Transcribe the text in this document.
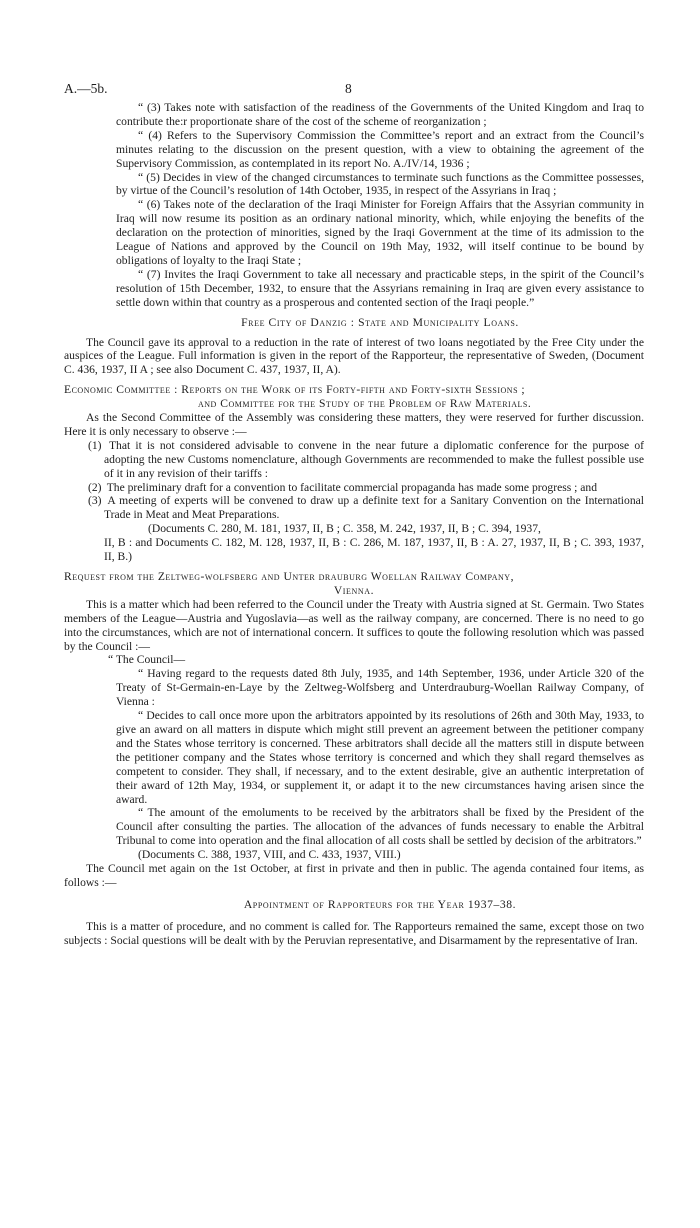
A.—5b.	8

“ (3) Takes note with satisfaction of the readiness of the Governments of the United Kingdom and Iraq to contribute the:r proportionate share of the cost of the scheme of reorganization ;

“ (4) Refers to the Supervisory Commission the Committee’s report and an extract from the Council’s minutes relating to the discussion on the present question, with a view to obtaining the agreement of the Supervisory Commission, as contemplated in its report No. A./IV/14, 1936 ;

“ (5) Decides in view of the changed circumstances to terminate such functions as the Committee possesses, by virtue of the Council’s resolution of 14th October, 1935, in respect of the Assyrians in Iraq ;

“ (6) Takes note of the declaration of the Iraqi Minister for Foreign Affairs that the Assyrian community in Iraq will now resume its position as an ordinary national minority, which, while enjoying the benefits of the declaration on the protection of minorities, signed by the Iraqi Government at the time of its admission to the League of Nations and approved by the Council on 19th May, 1932, will itself continue to be bound by obligations of loyalty to the Iraqi State ;

“ (7) Invites the Iraqi Government to take all necessary and practicable steps, in the spirit of the Council’s resolution of 15th December, 1932, to ensure that the Assyrians remaining in Iraq are given every assistance to settle down within that country as a prosperous and contented section of the Iraqi people.”

Free City of Danzig : State and Municipality Loans.

The Council gave its approval to a reduction in the rate of interest of two loans negotiated by the Free City under the auspices of the League. Full information is given in the report of the Rapporteur, the representative of Sweden, (Document C. 436, 1937, II A ; see also Document C. 437, 1937, II, A).

Economic Committee : Reports on the Work of its Forty-fifth and Forty-sixth Sessions ;

and Committee for the Study of the Problem of Raw Materials.

As the Second Committee of the Assembly was considering these matters, they were reserved for further discussion. Here it is only necessary to observe :—

(1) That it is not considered advisable to convene in the near future a diplomatic conference for the purpose of adopting the new Customs nomenclature, although Governments are recommended to make the fullest possible use of it in any revision of their tariffs :

(2) The preliminary draft for a convention to facilitate commercial propaganda has made some progress ; and

(3) A meeting of experts will be convened to draw up a definite text for a Sanitary Convention on the International Trade in Meat and Meat Preparations.

(Documents C. 280, M. 181, 1937, II, B ; C. 358, M. 242, 1937, II, B ; C. 394, 1937,

II, B : and Documents C. 182, M. 128, 1937, II, B : C. 286, M. 187, 1937, II, B : A. 27, 1937, II, B ; C. 393, 1937, II, B.)

Request from the Zeltweg-wolfsberg and Unter drauburg Woellan Railway Company,

Vienna.

This is a matter which had been referred to the Council under the Treaty with Austria signed at St. Germain. Two States members of the League—Austria and Yugoslavia—as well as the railway company, are concerned. There is no need to go into the circumstances, which are not of international concern. It suffices to qoute the following resolution which was passed by the Council :—

“ The Council—

“ Having regard to the requests dated 8th July, 1935, and 14th September, 1936, under Article 320 of the Treaty of St-Germain-en-Laye by the Zeltweg-Wolfsberg and Unterdrauburg-Woellan Railway Company, of Vienna :

“ Decides to call once more upon the arbitrators appointed by its resolutions of 26th and 30th May, 1933, to give an award on all matters in dispute which might still prevent an agreement between the petitioner company and the States whose territory is concerned. These arbitrators shall decide all the matters still in dispute between the petitioner company and the States whose territory is concerned and which they shall regard themselves as competent to consider. They shall, if necessary, and to the extent desirable, give an authentic interpretation of their award of 12th May, 1934, or supplement it, or adapt it to the new circumstances having arisen since the award.

“ The amount of the emoluments to be received by the arbitrators shall be fixed by the President of the Council after consulting the parties. The allocation of the advances of funds necessary to enable the Arbitral Tribunal to come into operation and the final allocation of all costs shall be settled by decision of the arbitrators.”

(Documents C. 388, 1937, VIII, and C. 433, 1937, VIII.)

The Council met again on the 1st October, at first in private and then in public. The agenda contained four items, as follows :—

Appointment of Rapporteurs for the Year 1937–38.

This is a matter of procedure, and no comment is called for. The Rapporteurs remained the same, except those on two subjects : Social questions will be dealt with by the Peruvian representative, and Disarmament by the representative of Iran.
